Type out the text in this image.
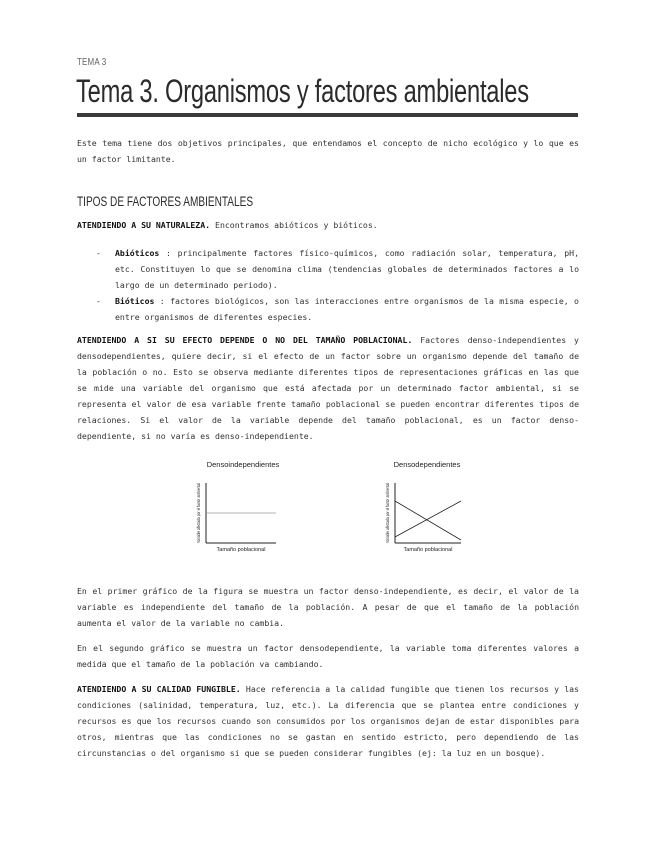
TEMA 3
Tema 3. Organismos y factores ambientales

Este tema tiene dos objetivos principales, que entendamos el concepto de nicho ecológico y lo que es un factor limitante.

TIPOS DE FACTORES AMBIENTALES

ATENDIENDO A SU NATURALEZA. Encontramos abióticos y bióticos.

- Abióticos : principalmente factores físico-químicos, como radiación solar, temperatura, pH, etc. Constituyen lo que se denomina clima (tendencias globales de determinados factores a lo largo de un determinado periodo).
- Bióticos : factores biológicos, son las interacciones entre organismos de la misma especie, o entre organismos de diferentes especies.

ATENDIENDO A SI SU EFECTO DEPENDE O NO DEL TAMAÑO POBLACIONAL. Factores denso-independientes y densodependientes, quiere decir, si el efecto de un factor sobre un organismo depende del tamaño de la población o no. Esto se observa mediante diferentes tipos de representaciones gráficas en las que se mide una variable del organismo que está afectada por un determinado factor ambiental, si se representa el valor de esa variable frente tamaño poblacional se pueden encontrar diferentes tipos de relaciones. Si el valor de la variable depende del tamaño poblacional, es un factor denso-dependiente, si no varía es denso-independiente.

Densoindependientes
Tamaño poblacional
Variable afectada por el factor ambiental	Densodependientes
Tamaño poblacional
Variable afectada por el factor ambiental

En el primer gráfico de la figura se muestra un factor denso-independiente, es decir, el valor de la variable es independiente del tamaño de la población. A pesar de que el tamaño de la población aumenta el valor de la variable no cambia.

En el segundo gráfico se muestra un factor densodependiente, la variable toma diferentes valores a medida que el tamaño de la población va cambiando.

ATENDIENDO A SU CALIDAD FUNGIBLE. Hace referencia a la calidad fungible que tienen los recursos y las condiciones (salinidad, temperatura, luz, etc.). La diferencia que se plantea entre condiciones y recursos es que los recursos cuando son consumidos por los organismos dejan de estar disponibles para otros, mientras que las condiciones no se gastan en sentido estricto, pero dependiendo de las circunstancias o del organismo si que se pueden considerar fungibles (ej: la luz en un bosque).
